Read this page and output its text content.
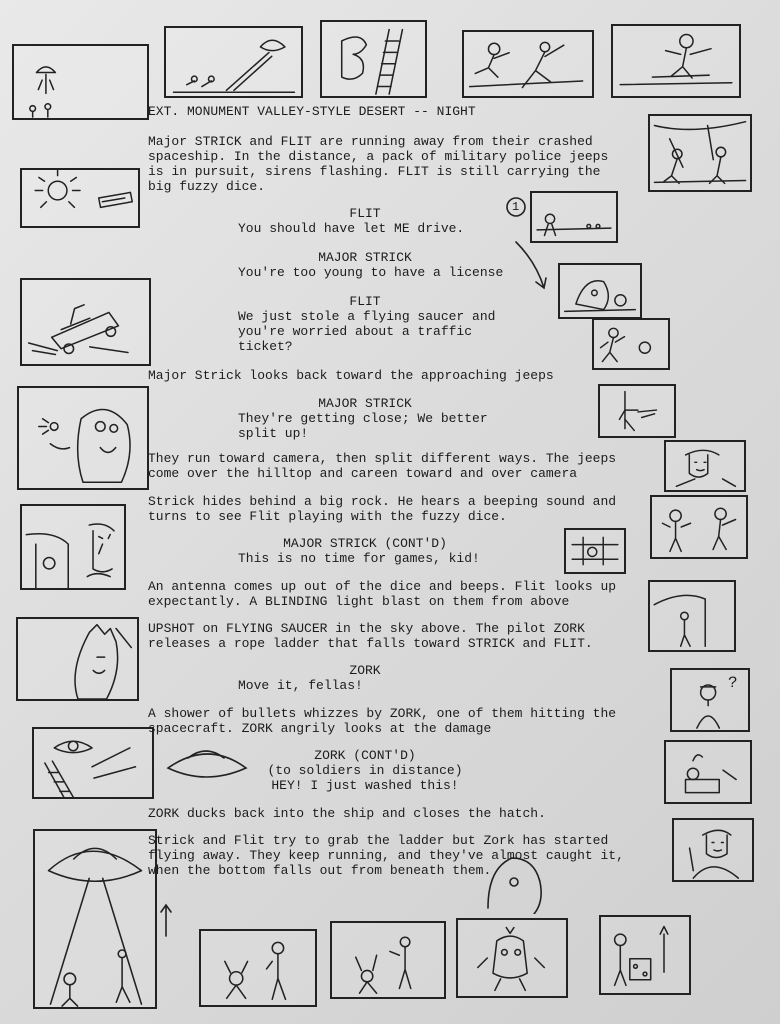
?
1
EXT. MONUMENT VALLEY-STYLE DESERT -- NIGHT
Major STRICK and FLIT are running away from their crashed
spaceship. In the distance, a pack of military police jeeps
is in pursuit, sirens flashing. FLIT is still carrying the
big fuzzy dice.
FLIT
You should have let ME drive.
MAJOR STRICK
You're too young to have a license
FLIT
We just stole a flying saucer and
you're worried about a traffic
ticket?
Major Strick looks back toward the approaching jeeps
MAJOR STRICK
They're getting close; We better
split up!
They run toward camera, then split different ways. The jeeps
come over the hilltop and careen toward and over camera
Strick hides behind a big rock. He hears a beeping sound and
turns to see Flit playing with the fuzzy dice.
MAJOR STRICK (CONT'D)
This is no time for games, kid!
An antenna comes up out of the dice and beeps. Flit looks up
expectantly. A BLINDING light blast on them from above
UPSHOT on FLYING SAUCER in the sky above. The pilot ZORK
releases a rope ladder that falls toward STRICK and FLIT.
ZORK
Move it, fellas!
A shower of bullets whizzes by ZORK, one of them hitting the
spacecraft. ZORK angrily looks at the damage
ZORK (CONT'D)
(to soldiers in distance)
HEY! I just washed this!
ZORK ducks back into the ship and closes the hatch.
Strick and Flit try to grab the ladder but Zork has started
flying away. They keep running, and they've almost caught it,
when the bottom falls out from beneath them.
